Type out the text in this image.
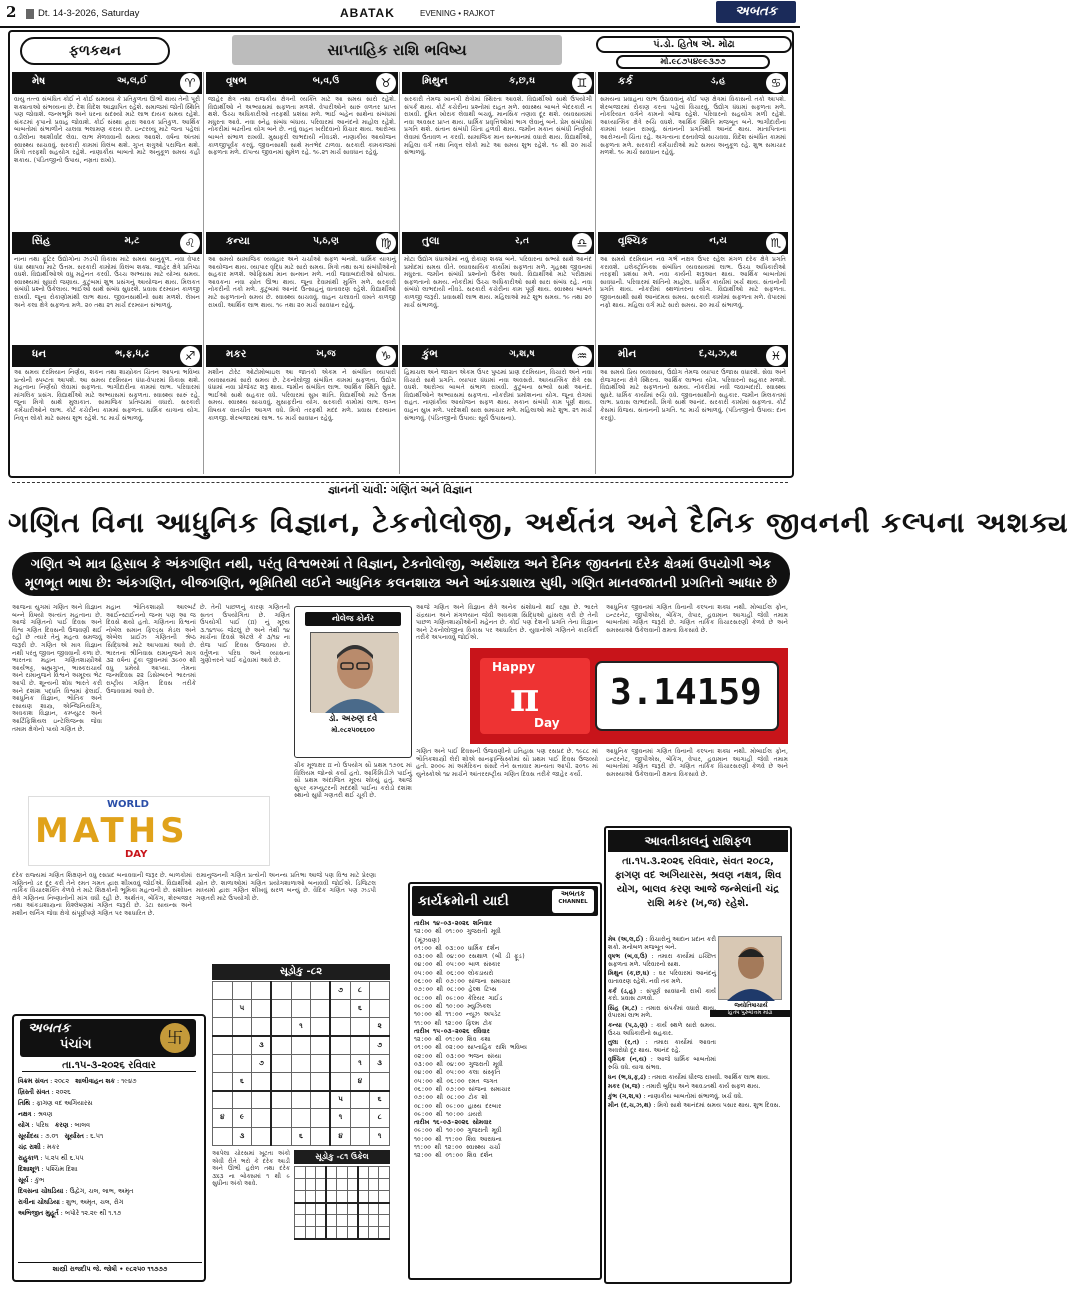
2 Dt. 14-3-2026, Saturday	ABATAK	EVENING • RAJKOT	અબતક
ફળકથન	સાપ્તાહિક રાશિ ભવિષ્ય	પં.ડો. હિતેષ એ. મોઢા
મો.૯૮૭૫૪૯૯૩૭૭
મેષ	અ,લ,ઈ	♈
વાયુ તત્ત્વ સંબંધિત કોઈ ને કોઈ સમસ્યા કે પ્રતિકુળતા ઊભી થાય તેની પૂરી શક્યતાઓ સંભવ્યના છે. દેશ વિદેશ આજ્ઞાપિત રહેશે. સમાજમાં જોતી સ્થિતિ પણ જોવાશે. જન્મભૂમિ અને ધરના સદસ્યો માટે લાભ દાયક સમય રહેશે. સંકટમાં કૃપાનો પ્રવાહ જોવાશે. કોઈ સંસ્થા દ્વારા આવક પ્રતિકુળ. આર્થિક બાબતોમાં સંભાળીને ચાલવા ભલામણ કરાય છે. ઇન્ટરવ્યૂ માટે જતા પહેલાં વડીલોના આશીર્વાદ લેવા. લાભ મેળવવાની સમય આવશે. વર્ષના અંતમાં સ્વાસ્થ્ય સાચવવું. સરકારી કામમાં વિલંબ થશે. ગુપ્ત શત્રુઓ પરાજિત થશે. મિત્રો તરફથી સહયોગ રહેશે. નાણાકીય બાબતો માટે અનુકૂળ સમય કહી શકાય. (પંડિતજીનો ઉપાય, નમ્રતા રાખો).
વૃષભ	બ,વ,ઉ	♉
જાહેર ક્ષેત્ર તથા રાજકીય ક્ષેત્રની વ્યક્તિ માટે આ સમય સારો રહેશે. વિદ્યાર્થીઓ ને અભ્યાસમાં સફળતા મળશે. વેપારીઓને સારું વળતર પ્રાપ્ત થશે. ઉચ્ચ અધિકારીઓ તરફથી પ્રશંસા મળે. ભાઈ બહેન સાથેના સંબંધમાં મધુરતા આવે. નવા સ્નેહ સંબંધ બંધાય. પરિવારમાં આનંદનો માહોલ રહેશે. નોકરીમાં બઢતીના યોગ બને છે. નવું વાહન ખરીદવાનો વિચાર થાય. આરોગ્ય બાબતે સંભાળ રાખવી. મુસાફરી લાભદાયી નીવડશે. નાણાકીય આયોજન કાળજીપૂર્વક કરવું. જીવનસાથી સાથે મતભેદ ટાળવા. સરકારી કામકાજમાં સફળતા મળે. દાંપત્ય જીવનમાં સુમેળ રહે. ૧૯.૨૧ માર્ચ સાવધાન રહેવું.
મિથુન	ક,છ,ઘ	♊
સરકારી તેમજ ખાનગી ક્ષેત્રોમાં સ્થિરતા આવશે. વિદ્યાર્થીઓ સાથે ઉપયોગી સંપર્ક થાય. કોર્ટ કચેરીના પ્રશ્નોમાં રાહત મળે. સ્વાસ્થ્ય બાબતે બેદરકારી ન રાખવી. દૂષિત ખોરાક લેવાથી બચવું. માનસિક તણાવ દૂર થશે. વ્યવસાયમાં નવા અવસર પ્રાપ્ત થાય. ધાર્મિક પ્રવૃત્તિઓમાં ભાગ લેવાનું બને. પ્રેમ સંબંધોમાં પ્રગતિ થશે. સંતાન સંબંધી ચિંતા હળવી થાય. જમીન મકાન સંબંધી નિર્ણયો લેવામાં ઉતાવળ ન કરવી. સામાજિક માન સન્માનમાં વધારો થાય. વિદ્યાર્થીઓ, મહિલા વર્ગ તથા નિવૃત્ત લોકો માટે આ સમય શુભ રહેશે. ૧૯ થી ૨૦ માર્ચ સંભાળવું.
કર્ક	ડ,હ	♋
સમયના પ્રવાહના લાભ ઉઠાવવાનું કોઈ પણ ક્ષેત્રમાં વિકાસની તકો આપશે. શેરબજારમાં રોકાણ કરતા પહેલાં વિચારવું. ઉદ્યોગ ધંધામાં સફળતા મળે. નોકરિયાત વર્ગને કામનો બોજ રહેશે. પરિવારનો સહયોગ મળી રહેશે. આધ્યાત્મિક ક્ષેત્રે રુચિ વધશે. આર્થિક સ્થિતિ મજબૂત બને. ભાગીદારીના કામમાં ધ્યાન રાખવું. સંતાનની પ્રગતિથી આનંદ થાય. માતાપિતાના આરોગ્યની ચિંતા રહે. અગત્યના દસ્તાવેજો સાચવવા. વિદેશ સંબંધિત કામમાં સફળતા મળે. સરકારી કર્મચારીઓ માટે સમય અનુકૂળ રહે. શુભ સમાચાર મળશે. ૧૯ માર્ચ સાવધાન રહેવું.
સિંહ	મ,ટ	♌
નાના તથા ફૂટિર ઉદ્યોગોના ઝડપી વિકાસ માટે સમય સાનુકૂળ. નવા વેપાર ધંધા સ્થાપવા માટે ઉત્તમ. સરકારી કામોમાં વિલંબ શક્ય. જાહેર ક્ષેત્રે પ્રતિષ્ઠા વધશે. વિદ્યાર્થીઓએ વધુ મહેનત કરવી. ઉચ્ચ અભ્યાસ માટે યોગ્ય સમય. સ્વાસ્થ્યમાં સુધારો જણાય. કુટુંબમાં શુભ પ્રસંગનું આયોજન થાય. મિલકત સંબંધી પ્રશ્નો ઉકેલાય. ભાઈઓ સાથે સંબંધ સુધરશે. પ્રવાસ દરમ્યાન કાળજી રાખવી. જૂના રોકાણોમાંથી લાભ થાય. જીવનસાથીનો સાથ મળશે. લેખન અને કલા ક્ષેત્રે સફળતા મળે. ૨૦ તથા ૨૧ માર્ચ દરમ્યાન સંભાળવું.
કન્યા	પ,ઠ,ણ	♍
આ સમયે સામાજિક વ્યવહાર અને ચર્ચાઓ સફળ બનશે. ધાર્મિક યાત્રાનું આયોજન થાય. વ્યાપાર વૃદ્ધિ માટે સારો સમય. મિત્રો તથા સગાં સંબંધીઓનો સહકાર મળશે. ઓફિસમાં માન સન્માન મળે. નવી જવાબદારીઓ સોંપાય. આવકના નવા સ્ત્રોત ઊભા થાય. જૂના દેવામાંથી મુક્તિ મળે. સરકારી નોકરીની તકો મળે. કુટુંબમાં આનંદ ઉત્સાહનું વાતાવરણ રહેશે. વિદ્યાર્થીઓ માટે સફળતાનો સમય છે. સ્વાસ્થ્ય સાચવવું. વાહન ચલાવતી વખતે કાળજી રાખવી. આર્થિક લાભ થાય. ૧૯ તથા ૨૦ માર્ચ સાવધાન રહેવું.
તુલા	ર,ત	♎
મોટા ઉદ્યોગ ધંધાઓમાં નવું રોકાણ શક્ય બને. પરિવારના સભ્યો સાથે આનંદ પ્રમોદમાં સમય વીતે. વ્યાવસાયિક કાર્યોમાં સફળતા મળે. ગૃહસ્થ જીવનમાં મધુરતા. જમીન સંબંધી પ્રશ્નોનો ઉકેલ આવે. વિદ્યાર્થીઓ માટે પરીક્ષામાં સફળતાનો સમય. નોકરીમાં ઉચ્ચ અધિકારીઓ સાથે સારા સંબંધ રહે. નવા સંબંધો લાભદાયી નીવડે. સરકારી કચેરીના કામ પૂર્ણ થાય. સ્વાસ્થ્ય બાબતે કાળજી જરૂરી. પ્રવાસથી લાભ થાય. મહિલાઓ માટે શુભ સમય. ૧૯ તથા ૨૦ માર્ચ સંભાળવું.
વૃશ્ચિક	ન,ય	♏
આ સમયે દરમિયાન નવ ગર્ભ નક્ષત્ર ઉપર રહેલ મંગળ દરેક ક્ષેત્રે પ્રગતિ કરાવશે. ઇલેક્ટ્રોનિક્સ સંબંધિત વ્યવસાયમાં લાભ. ઉચ્ચ અધિકારીઓ તરફથી પ્રશંસા મળે. નવા કાર્યની શરૂઆત થાય. આર્થિક બાબતોમાં સાવધાની. પરિવારમાં શાંતિનો માહોલ. ધાર્મિક કાર્યોમાં ખર્ચ થાય. સંતાનોની પ્રગતિ થાય. નોકરીમાં સ્થળાંતરના યોગ. વિદ્યાર્થીઓ માટે સફળતા. જીવનસાથી સાથે આનંદમય સમય. સરકારી કામોમાં સફળતા મળે. વેપારમાં નફો થાય. મહિલા વર્ગ માટે સારો સમય. ૨૦ માર્ચ સંભાળવું.
ધન	ભ,ફ,ધ,ઢ	♐
આ સમય દરમિયાન નિર્ણય, શકન તથા શાસ્ત્રોક્ત ચિંતન આપના ભવિષ્ય પ્રત્યેની સ્પષ્ટતા આપશે. આ સમય દરમિયાન ધંધા-વેપારમાં વિકાસ થશે. મહત્વના નિર્ણયો લેવામાં સફળતા. ભાગીદારીના કામમાં લાભ. પરિવારમાં માંગલિક પ્રસંગ. વિદ્યાર્થીઓ માટે અભ્યાસમાં સફળતા. સ્વાસ્થ્ય સારું રહે. જૂના મિત્રો સાથે મુલાકાત. સામાજિક પ્રતિષ્ઠામાં વધારો. સરકારી કર્મચારીઓને લાભ. કોર્ટ કચેરીના કામમાં સફળતા. ધાર્મિક યાત્રાના યોગ. નિવૃત્ત લોકો માટે સમય શુભ રહેશે. ૧૮ માર્ચ સંભાળવું.
મકર	ખ,જ	♑
મશીન ટોરેટ ઓટોમોબાઇલ આ જાતકો એકમ ને સંબંધિત વ્યાપારી વ્યવસાયમાં સારો સમય છે. ટેકનોલોજી સંબંધિત કામમાં સફળતા. ઉદ્યોગ ધંધામાં નવા પ્રોજેક્ટ શરૂ થાય. જમીન સંબંધિત લાભ. આર્થિક સ્થિતિ સુધરે. ભાઈઓ સાથે સહકાર વધે. પરિવારમાં સુખ શાંતિ. વિદ્યાર્થીઓ માટે ઉત્તમ સમય. સ્વાસ્થ્ય સાચવવું. મુસાફરીના યોગ. સરકારી કામોમાં લાભ. લગ્ન વિષયક વાતચીત આગળ વધે. મિત્રો તરફથી મદદ મળે. પ્રવાસ દરમ્યાન કાળજી. શેરબજારમાં લાભ. ૧૯ માર્ચ સાવધાન રહેવું.
કુંભ	ગ,શ,ષ	♒
હિમાચલ અને જાગ્રત એકમ ઉપર પુષ્ઠમાં પ્રાણ દરમિયાન, વિચારો અને નવા વિચારો સાથે પ્રગતિ. વ્યાપાર ધંધામાં નવા અવસરો. આધ્યાત્મિક ક્ષેત્રે રસ વધશે. આરોગ્ય બાબતે સંભાળ રાખવી. કુટુંબના સભ્યો સાથે આનંદ. વિદ્યાર્થીઓને અભ્યાસમાં સફળતા. નોકરીમાં પ્રમોશનના યોગ. જૂના રોગમાં રાહત. નાણાંકીય આયોજન સફળ થાય. મકાન સંબંધી કામ પૂર્ણ થાય. વાહન સુખ મળે. પરદેશથી સારા સમાચાર મળે. મહિલાઓ માટે શુભ. ૨૧ માર્ચ સંભાળવું. (પંડિતજીનો ઉપાય: સૂર્ય ઉપાસના).
મીન	દ,ચ,ઝ,થ	♓
આ સમયે પ્રિય વ્યવસાય, ઉદ્યોગ તેમજ વ્યાપાર ઉજાસ વધારશે. સેવા અને રોજગારના ક્ષેત્રે સ્થિરતા. આર્થિક લાભના યોગ. પરિવારનો સહકાર મળશે. વિદ્યાર્થીઓ માટે સફળતાનો સમય. નોકરીમાં નવી જવાબદારી. સ્વાસ્થ્ય સુધરે. ધાર્મિક કાર્યોમાં રુચિ વધે. જીવનસાથીનો સહકાર. જમીન મિલકતમાં લાભ. પ્રવાસ લાભદાયી. મિત્રો સાથે આનંદ. સરકારી કામોમાં સફળતા. કોર્ટ કેસમાં વિજય. સંતાનની પ્રગતિ. ૧૮ માર્ચ સંભાળવું. (પંડિતજીનો ઉપાય: દાન કરવું).
જ્ઞાનની ચાવી: ગણિત અને વિજ્ઞાન
ગણિત વિના આધુનિક વિજ્ઞાન, ટેકનોલોજી, અર્થતંત્ર અને દૈનિક જીવનની કલ્પના અશક્ય
ગણિત એ માત્ર હિસાબ કે અંકગણિત નથી, પરંતુ વિશ્વભરમાં તે વિજ્ઞાન, ટેકનોલોજી, અર્થશાસ્ત્ર અને દૈનિક જીવનના દરેક ક્ષેત્રમાં ઉપયોગી એક મૂળભૂત ભાષા છે: અંકગણિત, બીજગણિત, ભૂમિતિથી લઈને આધુનિક કલનશાસ્ત્ર અને આંકડાશાસ્ત્ર સુધી, ગણિત માનવજાતની પ્રગતિનો આધાર છે
આજના યુગમાં ગણિત અને વિજ્ઞાન બન્ને વિષયો અત્યંત મહત્વના છે. આજે ગણિતનો પાઈ દિવસ અને વિશ્વ ગણિત દિવસની ઉજવણી થઈ રહી છે ત્યારે તેનું મહત્વ સમજવું જરૂરી છે. ગણિત એ માત્ર વિજ્ઞાન નથી પરંતુ જીવન જીવવાની કળા છે. ભારતના મહાન ગણિતશાસ્ત્રીઓ આર્યભટ્ટ, બ્રહ્મગુપ્ત, ભાસ્કરાચાર્ય અને રામાનુજને વિશ્વને અમૂલ્ય ભેટ આપી છે. શૂન્યની શોધ ભારતે કરી અને દશાંશ પદ્ધતિ વિશ્વમાં ફેલાઈ. આધુનિક વિજ્ઞાન, ભૌતિક અને રસાયણ શાસ્ત્ર, એન્જિનિયરિંગ, અવકાશ વિજ્ઞાન, કમ્પ્યુટર અને આર્ટિફિશિયલ ઇન્ટેલિજન્સ જેવા તમામ ક્ષેત્રોનો પાયો ગણિત છે.
મહાન ભૌતિકશાસ્ત્રી આલ્બર્ટ આઈન્સ્ટાઈનનો જન્મ પણ આ જ દિવસે થયો હતો. ગણિતના વિશ્વનાં નોબેલ સમાન ફિલ્ડ્સ મેડલ અને એબેલ પ્રાઈઝ ગણિતની શ્રેષ્ઠ સિદ્ધિઓ માટે આપવામાં આવે છે. ભારતના શ્રીનિવાસ રામાનુજને માત્ર ૩૨ વર્ષના ટૂંકા જીવનમાં ૩૯૦૦ થી વધુ પ્રમેયો આપ્યા. તેમના જન્મદિવસ ૨૨ ડિસેમ્બરને ભારતમાં રાષ્ટ્રીય ગણિત દિવસ તરીકે ઉજવવામાં આવે છે.
છે. તેની પાછળનું કારણ ગણિતની સતત ઉપયોગિતા છે. ગણિત ઉપયોગી પાઈ (π) નું મૂલ્ય ૩.૧૪૧૫૯ જેટલું છે અને તેથી ૧૪ માર્ચના દિવસે એટલે કે ૩/૧૪ ના રોજ પાઈ દિવસ ઉજવાય છે. વર્તુળના પરિઘ અને વ્યાસના ગુણોત્તરને પાઈ કહેવામાં આવે છે.
દરેક રાજ્યમાં ગણિત શિક્ષણને વધુ રસપ્રદ બનાવવાની જરૂર છે. બાળકોમાં ગણિતનો ડર દૂર કરી તેને રમત ગમત દ્વારા શીખવવું જોઈએ. વિદ્યાર્થીઓ તાર્કિક વિચારશક્તિ કેળવે તે માટે શિક્ષકોની ભૂમિકા મહત્વની છે. સંશોધન ક્ષેત્રે ગણિતના નિષ્ણાતોની માંગ વધી રહી છે. અર્થતંત્ર, બેંકિંગ, શેરબજાર તથા આંકડાશાસ્ત્રના વિશ્લેષણમાં ગણિત જરૂરી છે. ડેટા સાયન્સ અને મશીન લર્નિંગ જેવા ક્ષેત્રો સંપૂર્ણપણે ગણિત પર આધારિત છે.
રામાનુજનની ગણિત પ્રત્યેની અનન્ય પ્રતિભા આજે પણ વિશ્વ માટે પ્રેરણા સ્ત્રોત છે. શાળાઓમાં ગણિત પ્રયોગશાળાઓ બનાવવી જોઈએ. ડિજિટલ માધ્યમો દ્વારા ગણિત શીખવું સરળ બન્યું છે. વૈદિક ગણિત પણ ઝડપી ગણતરી માટે ઉપયોગી છે.
ગ્રીક મૂળાક્ષર π નો ઉપયોગ સૌ પ્રથમ ૧૭૦૬ માં વિલિયમ જોન્સે કર્યો હતો. આર્કિમિડીઝે પાઈનું સૌ પ્રથમ અંદાજિત મૂલ્ય શોધ્યું હતું. આજે સુપર કમ્પ્યુટરની મદદથી પાઈના કરોડો દશાંશ સ્થાનો સુધી ગણતરી થઈ ચૂકી છે.
આજે ગણિત અને વિજ્ઞાન ક્ષેત્રે અનેક સંશોધનો થઈ રહ્યા છે. ભારતે ચંદ્રયાન અને મંગળયાન જેવી અવકાશ સિદ્ધિઓ હાંસલ કરી છે તેની પાછળ ગણિતશાસ્ત્રીઓની મહેનત છે. કોઈ પણ દેશની પ્રગતિ તેના વિજ્ઞાન અને ટેકનોલોજીના વિકાસ પર આધારિત છે. યુવાનોએ ગણિતને કારકિર્દી તરીકે અપનાવવું જોઈએ.
આધુનિક જીવનમાં ગણિત વિનાની કલ્પના શક્ય નથી. મોબાઈલ ફોન, ઇન્ટરનેટ, જીપીએસ, બેંકિંગ, વેપાર, હવામાન આગાહી જેવી તમામ બાબતોમાં ગણિત જરૂરી છે. ગણિત તાર્કિક વિચારસરણી કેળવે છે અને સમસ્યાઓ ઉકેલવાની ક્ષમતા વિકસાવે છે.
ગણિત અને પાઈ દિવસની ઉજવણીનો ઇતિહાસ પણ રસપ્રદ છે. ૧૯૮૮ માં ભૌતિકશાસ્ત્રી લેરી શોએ સાનફ્રાન્સિસ્કોમાં સૌ પ્રથમ પાઈ દિવસ ઉજવ્યો હતો. ૨૦૦૯ માં અમેરિકન સંસદે તેને સત્તાવાર માન્યતા આપી. ૨૦૧૯ માં યુનેસ્કોએ ૧૪ માર્ચને આંતરરાષ્ટ્રીય ગણિત દિવસ તરીકે જાહેર કર્યો.
આધુનિક જીવનમાં ગણિત વિનાની કલ્પના શક્ય નથી. મોબાઈલ ફોન, ઇન્ટરનેટ, જીપીએસ, બેંકિંગ, વેપાર, હવામાન આગાહી જેવી તમામ બાબતોમાં ગણિત જરૂરી છે. ગણિત તાર્કિક વિચારસરણી કેળવે છે અને સમસ્યાઓ ઉકેલવાની ક્ષમતા વિકસાવે છે.
નોલેજ કોર્નર
ડો. અરુણ દવે
મો.૯૮૨૫૦૬૬૦૦
Happy
π
Day
3.14159
WORLD
MATHS
DAY
અબતક
પંચાંગ	卐
તા.૧૫-૩-૨૦૨૬ રવિવાર
વિક્રમ સંવત : ૨૦૮૨ શાલીવાહન શક : ૧૯૪૭
ખ્રિસ્તી સંવત : ૨૦૨૬
તિથિ : ફાગણ વદ અગિયારસ
નક્ષત્ર : શ્રવણ
યોગ : પરિઘ કરણ : બાલવ
સૂર્યોદય : ૭.૦૧ સૂર્યાસ્ત : ૬.૫૧
ચંદ્ર રાશી : મકર
રાહુકાળ : ૫.૨૫ થી ૬.૫૫
દિશાશૂળ : પશ્ચિમ દિશા
સૂર્ય : કુંભ
દિવસના ચોઘડિયા : ઉદ્વેગ, ચલ, લાભ, અમૃત
રાત્રીના ચોઘડિયા : શુભ, અમૃત, ચલ, રોગ
અભિજીત મુહૂર્ત : બપોરે ૧૨.૨૯ થી ૧.૧૭
શાસ્ત્રી રાજદીપ જે. જોષી • ૯૮૨૫૦ ૧૧૭૭૭
સૂડોકુ -૮૨
						૭	૮	
	૫						૬	
				૧				૨
		૩						૭
		૭					૧	૩
	૬						૪	
						૫		૬
૪	૯					૧		૮
	૩			૬		૪		૧
આપેલા ચોરસમાં ખૂટતા અંકો એવી રીતે ભરો કે દરેક આડી અને ઊભી હરોળ તથા દરેક ૩x૩ ના બોક્સમાં ૧ થી ૯ સુધીના અંકો આવે.
સૂડોકુ -૮૧ ઉકેલ

કાર્યક્રમોની યાદી	અબતક
CHANNEL
તારીખ ૧૪-૦૩-૨૦૨૬ શનિવાર
૧૨:૦૦ થી ૦૧:૦૦ ગુજરાતી મૂવી
(મૂંઝવણ)
૦૧:૦૦ થી ૦૩:૦૦ ધાર્મિક દર્શન
૦૩:૦૦ થી ૦૪:૦૦ રસથાળ (બી ડી ફૂડ)
૦૪:૦૦ થી ૦૫:૦૦ બાળ સંસ્કાર
૦૫:૦૦ થી ૦૬:૦૦ લોકડાયરો
૦૬:૦૦ થી ૦૭:૦૦ સાંજના સમાચાર
૦૭:૦૦ થી ૦૮:૦૦ હેલ્થ ટિપ્સ
૦૮:૦૦ થી ૦૯:૦૦ કેરિયર ગાઈડ
૦૯:૦૦ થી ૧૦:૦૦ મ્યુઝિકલ
૧૦:૦૦ થી ૧૧:૦૦ ન્યૂઝ અપડેટ
૧૧:૦૦ થી ૧૨:૦૦ ફિલ્મ ટોક
તારીખ ૧૫-૦૩-૨૦૨૬ રવિવાર
૧૨:૦૦ થી ૦૧:૦૦ શિવ કથા
૦૧:૦૦ થી ૦૨:૦૦ સાપ્તાહિક રાશિ ભવિષ્ય
૦૨:૦૦ થી ૦૩:૦૦ ભજન સંધ્યા
૦૩:૦૦ થી ૦૪:૦૦ ગુજરાતી મૂવી
૦૪:૦૦ થી ૦૫:૦૦ કલા સંસ્કૃતિ
૦૫:૦૦ થી ૦૬:૦૦ રમત જગત
૦૬:૦૦ થી ૦૭:૦૦ સાંજના સમાચાર
૦૭:૦૦ થી ૦૮:૦૦ ટોક શો
૦૮:૦૦ થી ૦૯:૦૦ હાસ્ય દરબાર
૦૯:૦૦ થી ૧૦:૦૦ ડાયરો
તારીખ ૧૬-૦૩-૨૦૨૬ સોમવાર
૦૯:૦૦ થી ૧૦:૦૦ ગુજરાતી મૂવી
૧૦:૦૦ થી ૧૧:૦૦ શિવ આરાધના
૧૧:૦૦ થી ૧૨:૦૦ સ્વાસ્થ્ય ચર્ચા
૧૨:૦૦ થી ૦૧:૦૦ શિવ દર્શન
આવતીકાલનું રાશિફળ
તા.૧૫.૩.૨૦૨૬ રવિવાર, સંવત ૨૦૮૨, ફાગણ વદ અગિયારસ, શ્રવણ નક્ષત્ર, શિવ યોગ, બાલવ કરણ આજે જન્મેલાંની ચંદ્ર રાશિ મકર (ખ,જ) રહેશે.
જ્યોતિષાચાર્ય
હિતેષ પુરુષોત્તમ મોઢા
મેષ (અ,લ,ઈ) : વિચારોનું આદાન પ્રદાન કરી શકો. મનોબળ મજબૂત બને.
વૃષભ (બ,વ,ઉ) : તમારા કાર્યોમાં ઇચ્છિત સફળતા મળે. પરિવારનો સાથ.
મિથુન (ક,છ,ઘ) : ઘર પરિવારમાં આનંદનું વાતાવરણ રહેશે. નવી તક મળે.
કર્ક (ડ,હ) : સંપૂર્ણ સાવધાની રાખી કાર્ય કરો. પ્રવાસ ટાળવો.
સિંહ (મ,ટ) : તમારા સંપર્કમાં વધારો થાય. વેપારમાં લાભ મળે.
કન્યા (પ,ઠ,ણ) : કાર્ય સ્થળે સારો સમય. ઉચ્ચ અધિકારીનો સહકાર.
તુલા (ર,ત) : તમારા કાર્યોમાં આવતા અવરોધો દૂર થાય. આનંદ રહે.
વૃશ્ચિક (ન,ય) : આજે ધાર્મિક બાબતોમાં રુચિ વધે. યાત્રા સંભવ.
ધન (ભ,ધ,ફ,ઢ) : તમારા કાર્યોમાં ધીરજ રાખવી. આર્થિક લાભ થાય.
મકર (ખ,જ) : તમારી બુદ્ધિ અને આવડતથી કાર્ય સફળ થાય.
કુંભ (ગ,શ,ષ) : નાણાકીય બાબતોમાં સંભાળવું. ખર્ચ વધે.
મીન (દ,ચ,ઝ,થ) : મિત્રો સાથે આનંદમાં સમય પસાર થાય. શુભ દિવસ.
